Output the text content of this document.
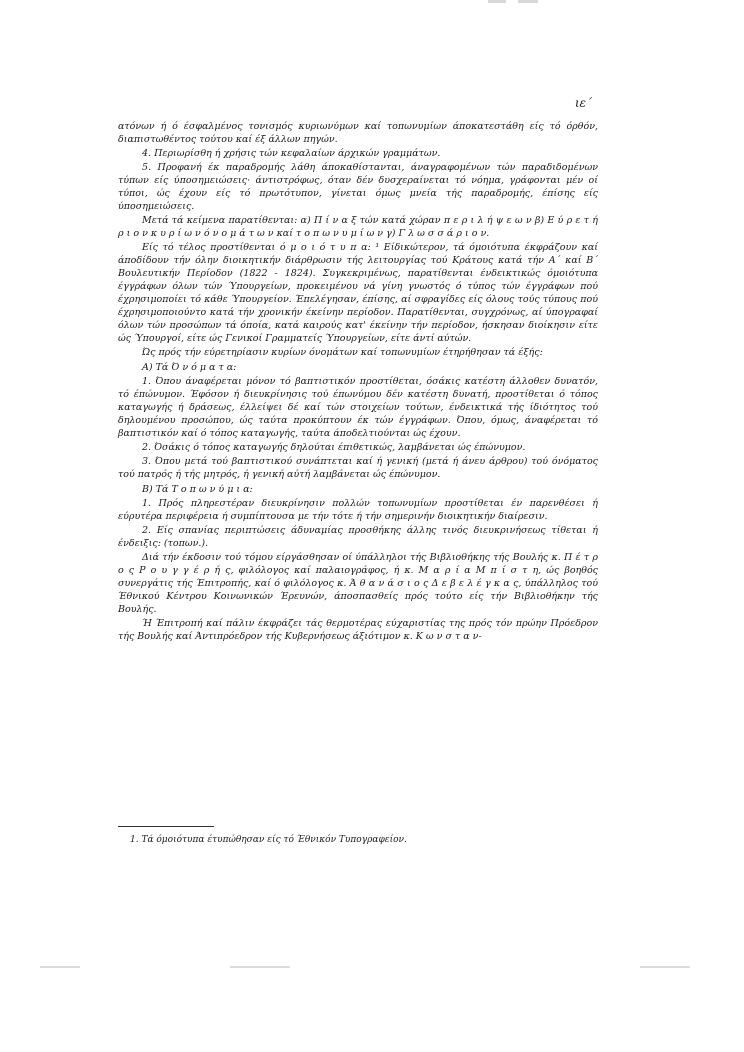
ιε΄

ατόνων ή ό έσφαλμένος τονισμός κυριωνύμων καί τοπωνυμίων άποκατεστάθη είς τό όρθόν, διαπιστωθέντος τούτου καί έξ άλλων πηγών.

4. Περιωρίσθη ή χρήσις τών κεφαλαίων άρχικών γραμμάτων.

5. Προφανή έκ παραδρομής λάθη άποκαθίστανται, άναγραφομένων τών παραδιδομένων τύπων είς ύποσημειώσεις· άντιστρόφως, όταν δέν δυσχεραίνεται τό νόημα, γράφονται μέν οί τύποι, ώς έχουν είς τό πρωτότυπον, γίνεται όμως μνεία τής παραδρομής, έπίσης είς ύποσημειώσεις.

Μετά τά κείμενα παρατίθενται: α) Π ί ν α ξ τών κατά χώραν π ε ρ ι λ ή ψ ε ω ν β) Ε ύ ρ ε τ ή ρ ι ο ν κ υ ρ ί ω ν ό ν ο μ ά τ ω ν καί τ ο π ω ν υ μ ί ω ν γ) Γ λ ω σ σ ά ρ ι ο ν.

Είς τό τέλος προστίθενται ό μ ο ι ό τ υ π α: ¹ Είδικώτερον, τά όμοιότυπα έκφράζουν καί άποδίδουν τήν όλην διοικητικήν διάρθρωσιν τής λειτουργίας τού Κράτους κατά τήν Α΄ καί Β΄ Βουλευτικήν Περίοδον (1822 - 1824). Συγκεκριμένως, παρατίθενται ένδεικτικώς όμοιότυπα έγγράφων όλων τών Ύπουργείων, προκειμένου νά γίνη γνωστός ό τύπος τών έγγράφων πού έχρησιμοποίει τό κάθε Ύπουργείον. Έπελέγησαν, έπίσης, αί σφραγίδες είς όλους τούς τύπους πού έχρησιμοποιούντο κατά τήν χρονικήν έκείνην περίοδον. Παρατίθενται, συγχρόνως, αί ύπογραφαί όλων τών προσώπων τά όποία, κατά καιρούς κατ' έκείνην τήν περίοδον, ήσκησαν διοίκησιν είτε ώς Ύπουργοί, είτε ώς Γενικοί Γραμματείς Ύπουργείων, είτε άντί αύτών.

Ώς πρός τήν εύρετηρίασιν κυρίων όνομάτων καί τοπωνυμίων έτηρήθησαν τά έξής:

Α) Τά Ό ν ό μ α τ α:

1. Όπου άναφέρεται μόνον τό βαπτιστικόν προστίθεται, όσάκις κατέστη άλλοθεν δυνατόν, τό έπώνυμον. Έφόσον ή διευκρίνησις τού έπωνύμου δέν κατέστη δυνατή, προστίθεται ό τόπος καταγωγής ή δράσεως, έλλείψει δέ καί τών στοιχείων τούτων, ένδεικτικά τής ίδιότητος τού δηλουμένου προσώπου, ώς ταύτα προκύπτουν έκ τών έγγράφων. Όπου, όμως, άναφέρεται τό βαπτιστικόν καί ό τόπος καταγωγής, ταύτα άποδελτιούνται ώς έχουν.

2. Όσάκις ό τόπος καταγωγής δηλούται έπιθετικώς, λαμβάνεται ώς έπώνυμον.

3. Όπου μετά τού βαπτιστικού συνάπτεται καί ή γενική (μετά ή άνευ άρθρου) τού όνόματος τού πατρός ή τής μητρός, ή γενική αύτή λαμβάνεται ώς έπώνυμον.

Β) Τά Τ ο π ω ν ύ μ ι α:

1. Πρός πληρεστέραν διευκρίνησιν πολλών τοπωνυμίων προστίθεται έν παρενθέσει ή εύρυτέρα περιφέρεια ή συμπίπτουσα με τήν τότε ή τήν σημερινήν διοικητικήν διαίρεσιν.

2. Είς σπανίας περιπτώσεις άδυναμίας προσθήκης άλλης τινός διευκρινήσεως τίθεται ή ένδειξις: (τοπων.).

Διά τήν έκδοσιν τού τόμου είργάσθησαν οί ύπάλληλοι τής Βιβλιοθήκης τής Βουλής κ. Π έ τ ρ ο ς Ρ ο υ γ γ έ ρ ή ς, φιλόλογος καί παλαιογράφος, ή κ. Μ α ρ ί α Μ π ί σ τ η, ώς βοηθός συνεργάτις τής Έπιτροπής, καί ό φιλόλογος κ. Ά θ α ν ά σ ι ο ς Δ ε β ε λ έ γ κ α ς, ύπάλληλος τού Έθνικού Κέντρου Κοινωνικών Έρευνών, άποσπασθείς πρός τούτο είς τήν Βιβλιοθήκην τής Βουλής.

Ή Έπιτροπή καί πάλιν έκφράζει τάς θερμοτέρας εύχαριστίας της πρός τόν πρώην Πρόεδρον τής Βουλής καί Άντιπρόεδρον τής Κυβερνήσεως άξιότιμον κ. Κ ω ν σ τ α ν-

1. Τά όμοιότυπα έτυπώθησαν είς τό Έθνικόν Τυπογραφείον.
